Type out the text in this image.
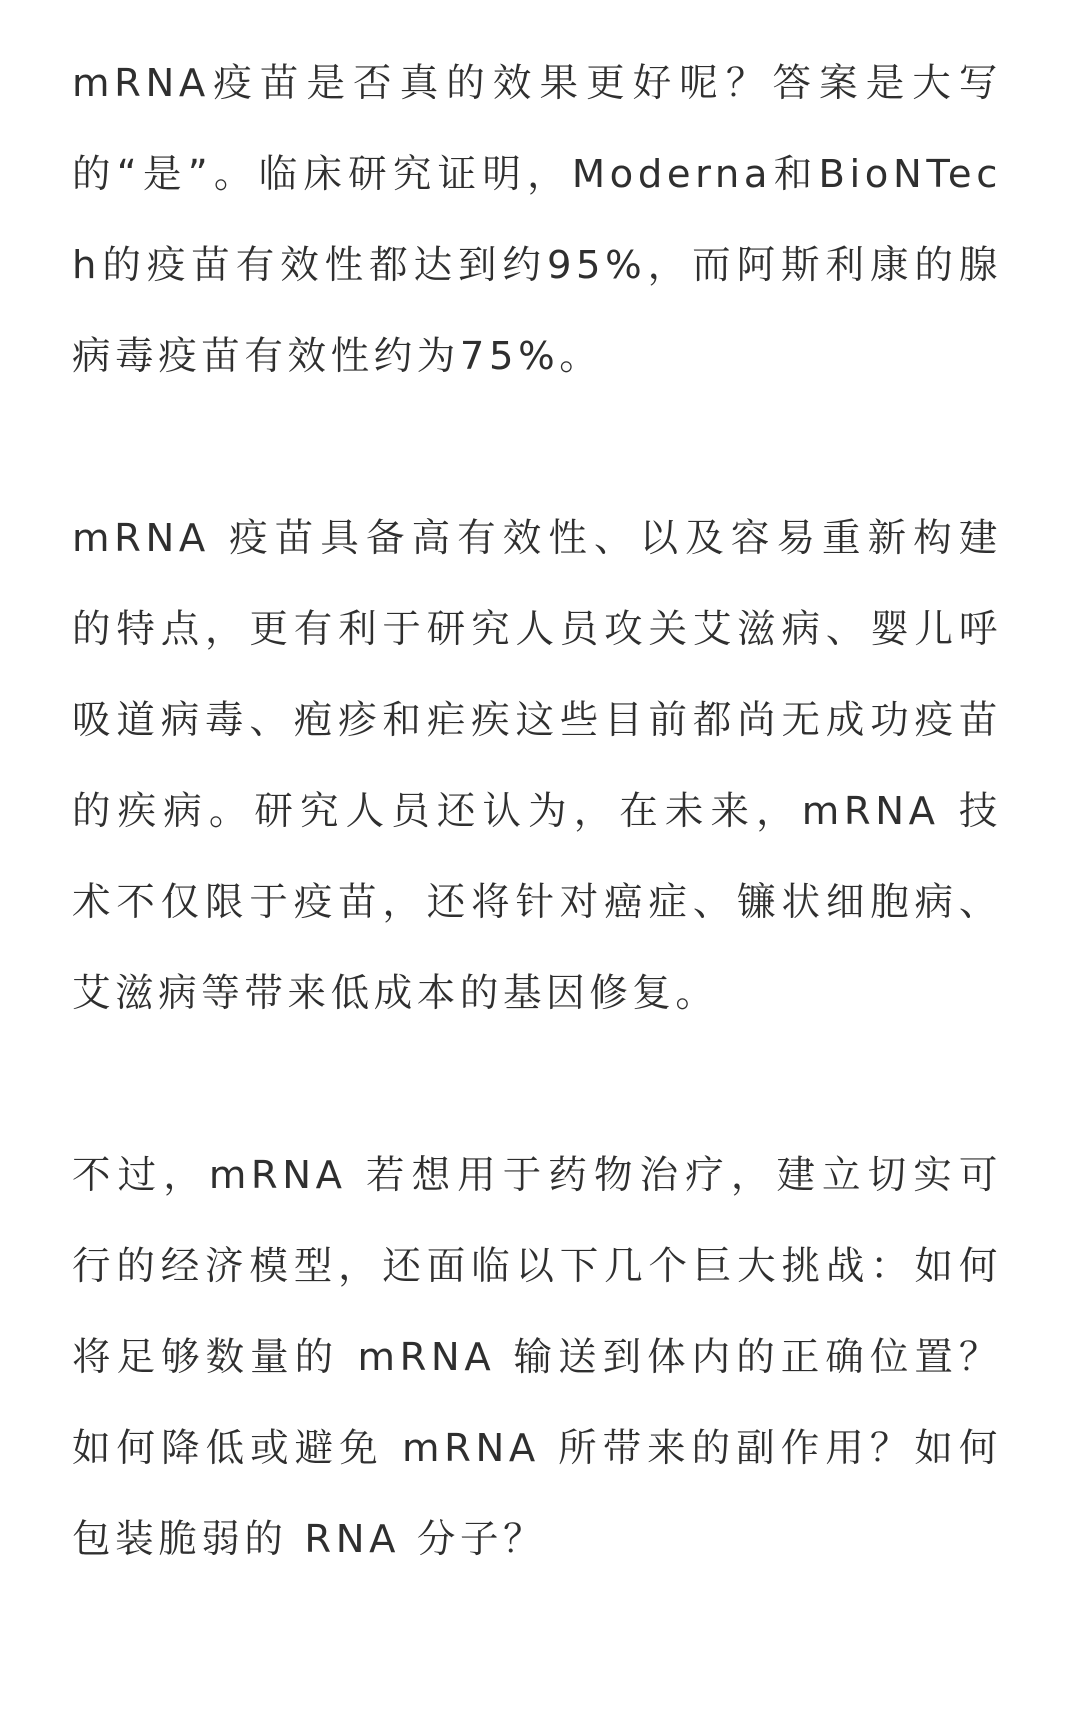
mRNA疫苗是否真的效果更好呢？答案是大写的“是”。临床研究证明，Moderna和BioNTech的疫苗有效性都达到约95%，而阿斯利康的腺病毒疫苗有效性约为75%。

mRNA 疫苗具备高有效性、以及容易重新构建的特点，更有利于研究人员攻关艾滋病、婴儿呼吸道病毒、疱疹和疟疾这些目前都尚无成功疫苗的疾病。研究人员还认为，在未来，mRNA 技术不仅限于疫苗，还将针对癌症、镰状细胞病、艾滋病等带来低成本的基因修复。

不过，mRNA 若想用于药物治疗，建立切实可行的经济模型，还面临以下几个巨大挑战：如何将足够数量的 mRNA 输送到体内的正确位置？如何降低或避免 mRNA 所带来的副作用？如何包装脆弱的 RNA 分子？
